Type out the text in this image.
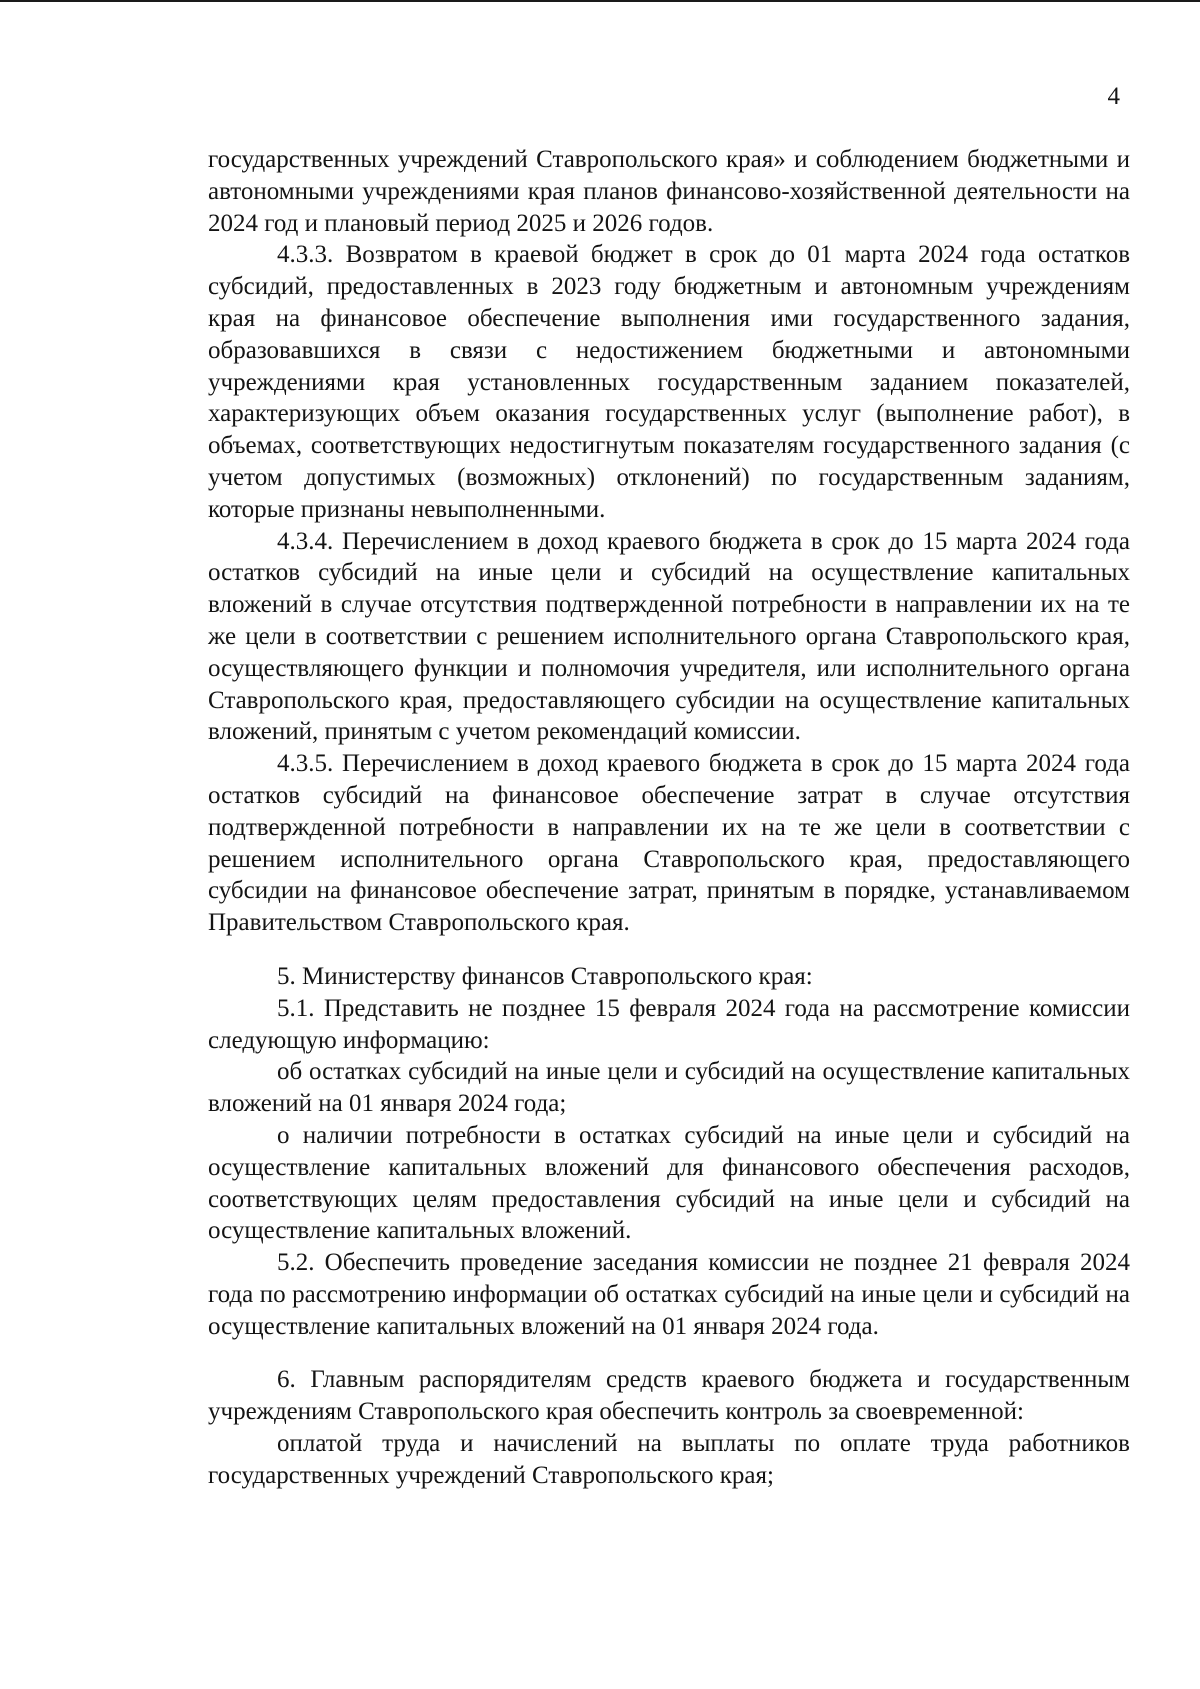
4

государственных учреждений Ставропольского края» и соблюдением бюджетными и автономными учреждениями края планов финансово-хозяйственной деятельности на 2024 год и плановый период 2025 и 2026 годов.

4.3.3. Возвратом в краевой бюджет в срок до 01 марта 2024 года остатков субсидий, предоставленных в 2023 году бюджетным и автономным учреждениям края на финансовое обеспечение выполнения ими государственного задания, образовавшихся в связи с недостижением бюджетными и автономными учреждениями края установленных государственным заданием показателей, характеризующих объем оказания государственных услуг (выполнение работ), в объемах, соответствующих недостигнутым показателям государственного задания (с учетом допустимых (возможных) отклонений) по государственным заданиям, которые признаны невыполненными.

4.3.4. Перечислением в доход краевого бюджета в срок до 15 марта 2024 года остатков субсидий на иные цели и субсидий на осуществление капитальных вложений в случае отсутствия подтвержденной потребности в направлении их на те же цели в соответствии с решением исполнительного органа Ставропольского края, осуществляющего функции и полномочия учредителя, или исполнительного органа Ставропольского края, предоставляющего субсидии на осуществление капитальных вложений, принятым с учетом рекомендаций комиссии.

4.3.5. Перечислением в доход краевого бюджета в срок до 15 марта 2024 года остатков субсидий на финансовое обеспечение затрат в случае отсутствия подтвержденной потребности в направлении их на те же цели в соответствии с решением исполнительного органа Ставропольского края, предоставляющего субсидии на финансовое обеспечение затрат, принятым в порядке, устанавливаемом Правительством Ставропольского края.

5. Министерству финансов Ставропольского края:

5.1. Представить не позднее 15 февраля 2024 года на рассмотрение комиссии следующую информацию:

об остатках субсидий на иные цели и субсидий на осуществление капитальных вложений на 01 января 2024 года;

о наличии потребности в остатках субсидий на иные цели и субсидий на осуществление капитальных вложений для финансового обеспечения расходов, соответствующих целям предоставления субсидий на иные цели и субсидий на осуществление капитальных вложений.

5.2. Обеспечить проведение заседания комиссии не позднее 21 февраля 2024 года по рассмотрению информации об остатках субсидий на иные цели и субсидий на осуществление капитальных вложений на 01 января 2024 года.

6. Главным распорядителям средств краевого бюджета и государственным учреждениям Ставропольского края обеспечить контроль за своевременной:

оплатой труда и начислений на выплаты по оплате труда работников государственных учреждений Ставропольского края;
